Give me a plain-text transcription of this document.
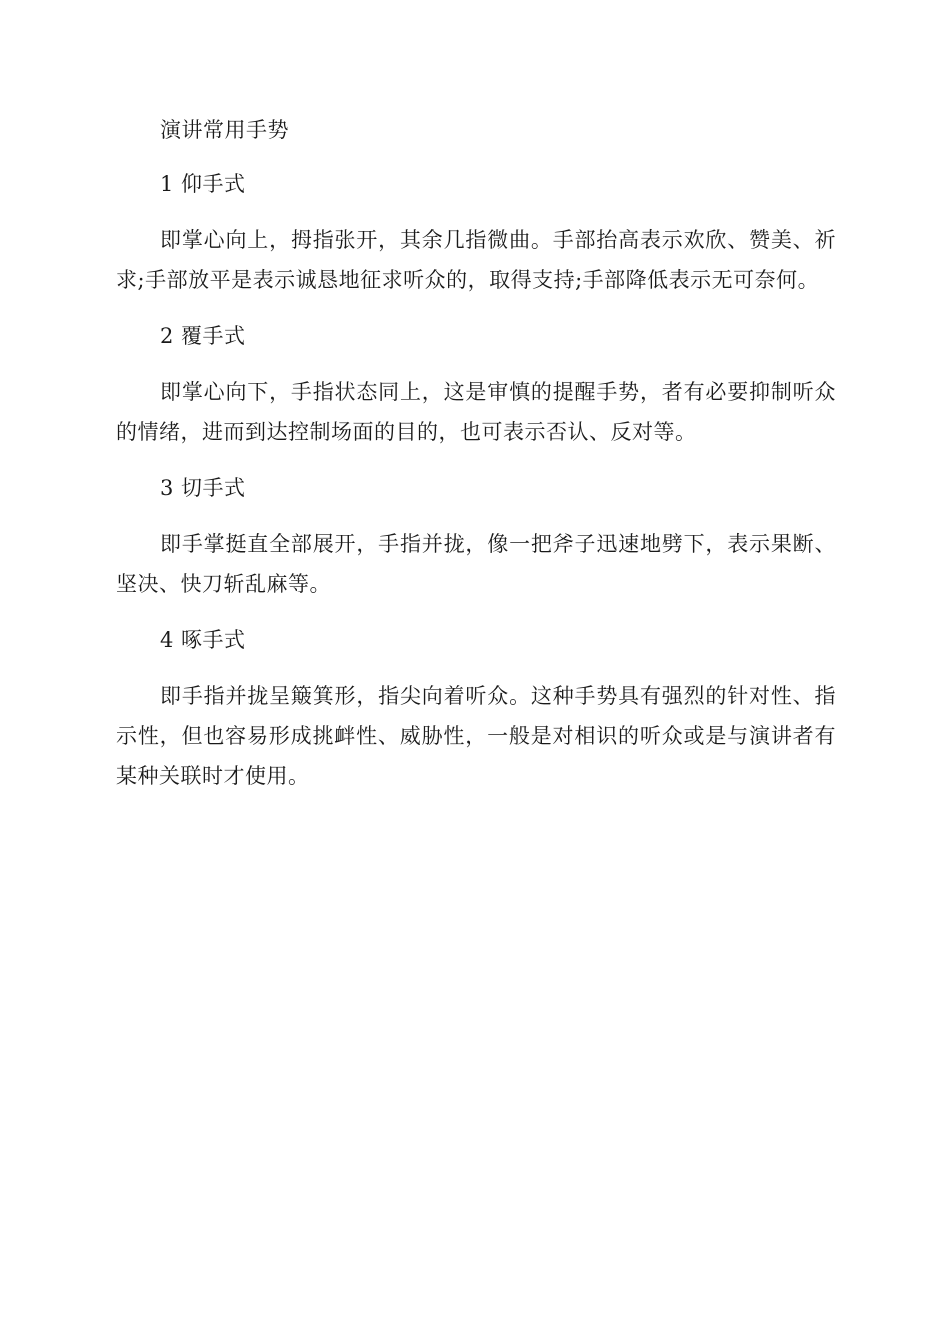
演讲常用手势

1 仰手式

即掌心向上，拇指张开，其余几指微曲。手部抬高表示欢欣、赞美、祈求;手部放平是表示诚恳地征求听众的，取得支持;手部降低表示无可奈何。

2 覆手式

即掌心向下，手指状态同上，这是审慎的提醒手势，者有必要抑制听众的情绪，进而到达控制场面的目的，也可表示否认、反对等。

3 切手式

即手掌挺直全部展开，手指并拢，像一把斧子迅速地劈下，表示果断、坚决、快刀斩乱麻等。

4 啄手式

即手指并拢呈簸箕形，指尖向着听众。这种手势具有强烈的针对性、指示性，但也容易形成挑衅性、威胁性，一般是对相识的听众或是与演讲者有某种关联时才使用。
